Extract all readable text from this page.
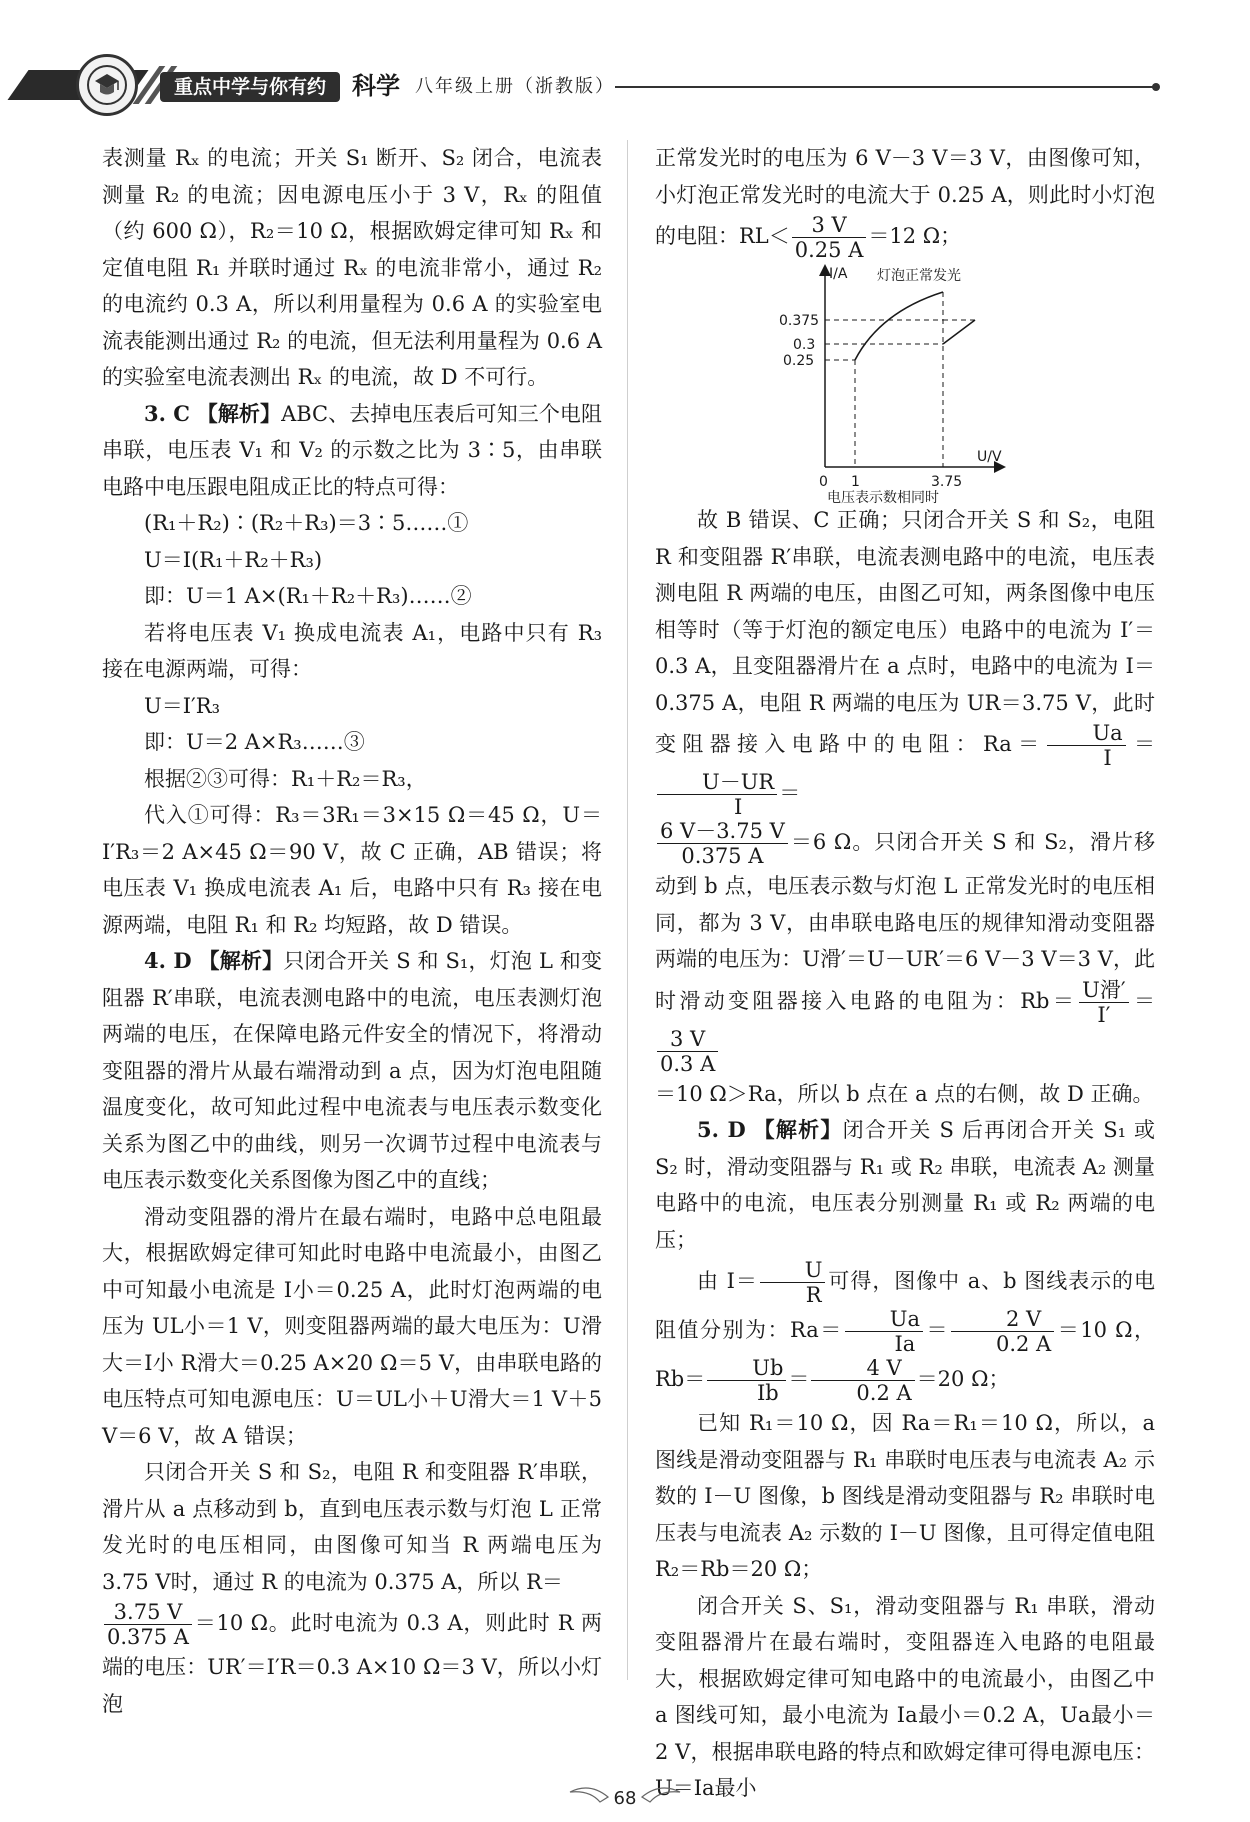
重点中学与你有约	科学 八年级上册（浙教版）

表测量 Rₓ 的电流；开关 S₁ 断开、S₂ 闭合，电流表测量 R₂ 的电流；因电源电压小于 3 V，Rₓ 的阻值（约 600 Ω），R₂＝10 Ω，根据欧姆定律可知 Rₓ 和定值电阻 R₁ 并联时通过 Rₓ 的电流非常小，通过 R₂ 的电流约 0.3 A，所以利用量程为 0.6 A 的实验室电流表能测出通过 R₂ 的电流，但无法利用量程为 0.6 A 的实验室电流表测出 Rₓ 的电流，故 D 不可行。

3. C 【解析】ABC、去掉电压表后可知三个电阻串联，电压表 V₁ 和 V₂ 的示数之比为 3∶5，由串联电路中电压跟电阻成正比的特点可得：

(R₁＋R₂)∶(R₂＋R₃)＝3∶5……①

U＝I(R₁＋R₂＋R₃)

即：U＝1 A×(R₁＋R₂＋R₃)……②

若将电压表 V₁ 换成电流表 A₁，电路中只有 R₃ 接在电源两端，可得：

U＝I′R₃

即：U＝2 A×R₃……③

根据②③可得：R₁＋R₂＝R₃，

代入①可得：R₃＝3R₁＝3×15 Ω＝45 Ω，U＝I′R₃＝2 A×45 Ω＝90 V，故 C 正确，AB 错误；将电压表 V₁ 换成电流表 A₁ 后，电路中只有 R₃ 接在电源两端，电阻 R₁ 和 R₂ 均短路，故 D 错误。

4. D 【解析】只闭合开关 S 和 S₁，灯泡 L 和变阻器 R′串联，电流表测电路中的电流，电压表测灯泡两端的电压，在保障电路元件安全的情况下，将滑动变阻器的滑片从最右端滑动到 a 点，因为灯泡电阻随温度变化，故可知此过程中电流表与电压表示数变化关系为图乙中的曲线，则另一次调节过程中电流表与电压表示数变化关系图像为图乙中的直线；

滑动变阻器的滑片在最右端时，电路中总电阻最大，根据欧姆定律可知此时电路中电流最小，由图乙中可知最小电流是 I小＝0.25 A，此时灯泡两端的电压为 UL小＝1 V，则变阻器两端的最大电压为：U滑大＝I小 R滑大＝0.25 A×20 Ω＝5 V，由串联电路的电压特点可知电源电压：U＝UL小＋U滑大＝1 V＋5 V＝6 V，故 A 错误；

只闭合开关 S 和 S₂，电阻 R 和变阻器 R′串联，滑片从 a 点移动到 b，直到电压表示数与灯泡 L 正常发光时的电压相同，由图像可知当 R 两端电压为 3.75 V时，通过 R 的电流为 0.375 A，所以 R＝

$\frac{3.75 V}{0.375 A} =10$ Ω。此时电流为 0.3 A，则此时 R 两端的电压：UR′＝I′R＝0.3 A×10 Ω＝3 V，所以小灯泡

正常发光时的电压为 6 V－3 V＝3 V，由图像可知，小灯泡正常发光时的电流大于 0.25 A，则此时小灯泡的电阻：$RL< \frac{3 V}{0.25 A} =12$ Ω；

I/A
U/V
灯泡正常发光
0.375
0.3
0.25
0 1	3.75
电压表示数相同时

故 B 错误、C 正确；只闭合开关 S 和 S₂，电阻 R 和变阻器 R′串联，电流表测电路中的电流，电压表测电阻 R 两端的电压，由图乙可知，两条图像中电压相等时（等于灯泡的额定电压）电路中的电流为 I′＝0.3 A，且变阻器滑片在 a 点时，电路中的电流为 I＝0.375 A，电阻 R 两端的电压为 UR＝3.75 V，此时变阻器接入电路中的电阻：$Ra= \frac{Ua}{I}$ ＝
$\frac{U-UR}{I}$ ＝

$\frac{6 V-3.75 V}{0.375 A} =6$ Ω。只闭合开关 S 和 S₂，滑片移动到 b 点，电压表示数与灯泡 L 正常发光时的电压相同，都为 3 V，由串联电路电压的规律知滑动变阻器两端的电压为：U滑′＝U－UR′＝6 V－3 V＝3 V，此时滑动变阻器接入电路的电阻为：$Rb= \frac{\text{U滑′}}{I'}$ ＝
$\frac{3 V}{0.3 A}$

＝10 Ω＞Ra，所以 b 点在 a 点的右侧，故 D 正确。

5. D 【解析】闭合开关 S 后再闭合开关 S₁ 或 S₂ 时，滑动变阻器与 R₁ 或 R₂ 串联，电流表 A₂ 测量电路中的电流，电压表分别测量 R₁ 或 R₂ 两端的电压；

由 $I= \frac{U}{R}$ 可得，图像中 a、b 图线表示的电阻值分别为：$Ra= \frac{Ua}{Ia} = \frac{2 V}{0.2 A} =10$ Ω，$Rb= \frac{Ub}{Ib} = \frac{4 V}{0.2 A} =20$ Ω；

已知 R₁＝10 Ω，因 Ra＝R₁＝10 Ω，所以，a 图线是滑动变阻器与 R₁ 串联时电压表与电流表 A₂ 示数的 I－U 图像，b 图线是滑动变阻器与 R₂ 串联时电压表与电流表 A₂ 示数的 I－U 图像，且可得定值电阻 R₂＝Rb＝20 Ω；

闭合开关 S、S₁，滑动变阻器与 R₁ 串联，滑动变阻器滑片在最右端时，变阻器连入电路的电阻最大，根据欧姆定律可知电路中的电流最小，由图乙中 a 图线可知，最小电流为 Ia最小＝0.2 A，Ua最小＝2 V，根据串联电路的特点和欧姆定律可得电源电压：U＝Ia最小

68
